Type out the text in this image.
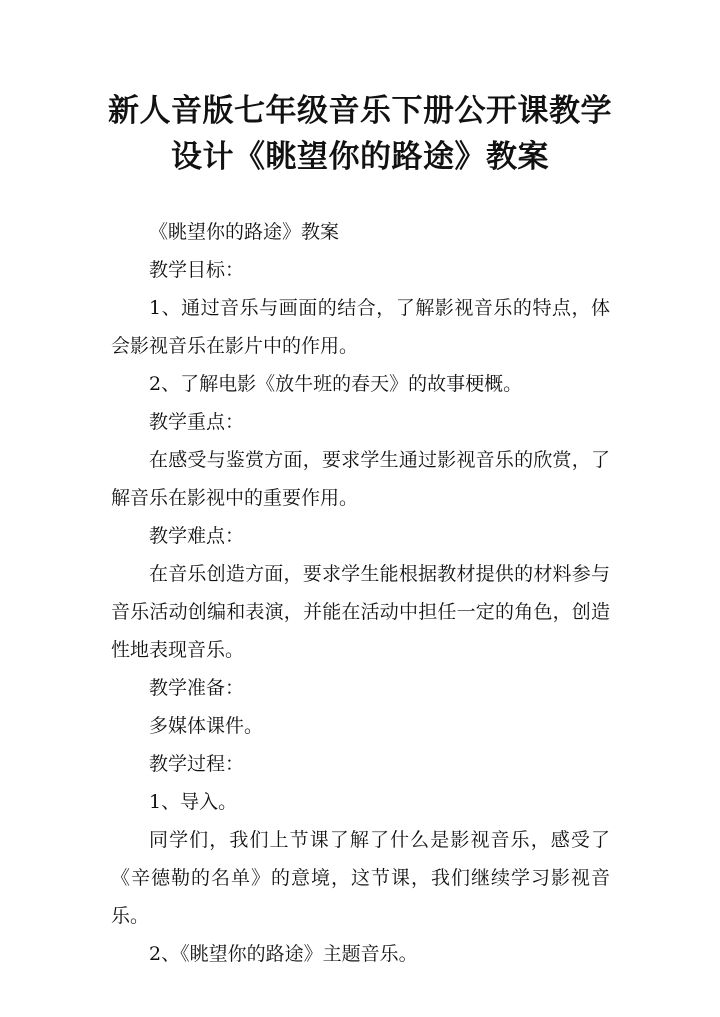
新人音版七年级音乐下册公开课教学设计《眺望你的路途》教案

《眺望你的路途》教案

教学目标：

1、通过音乐与画面的结合，了解影视音乐的特点，体会影视音乐在影片中的作用。

2、了解电影《放牛班的春天》的故事梗概。

教学重点：

在感受与鉴赏方面，要求学生通过影视音乐的欣赏，了解音乐在影视中的重要作用。

教学难点：

在音乐创造方面，要求学生能根据教材提供的材料参与音乐活动创编和表演，并能在活动中担任一定的角色，创造性地表现音乐。

教学准备：

多媒体课件。

教学过程：

1、导入。

同学们，我们上节课了解了什么是影视音乐，感受了《辛德勒的名单》的意境，这节课，我们继续学习影视音乐。

2、《眺望你的路途》主题音乐。
